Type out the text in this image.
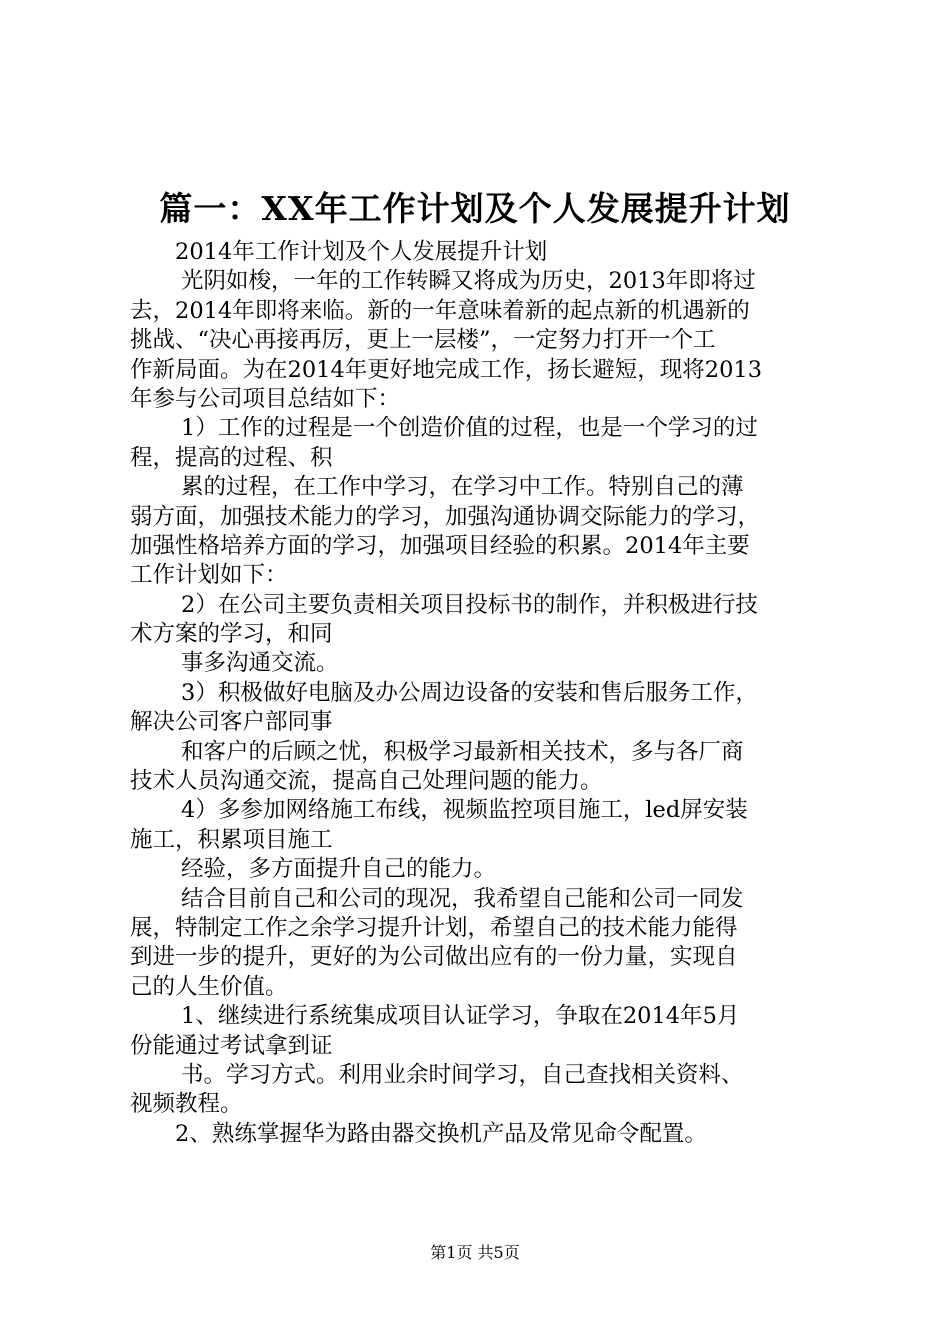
篇一：XX年工作计划及个人发展提升计划
2014年工作计划及个人发展提升计划
光阴如梭，一年的工作转瞬又将成为历史，2013年即将过
去，2014年即将来临。新的一年意味着新的起点新的机遇新的
挑战、“决心再接再厉，更上一层楼”，一定努力打开一个工
作新局面。为在2014年更好地完成工作，扬长避短，现将2013
年参与公司项目总结如下：
1）工作的过程是一个创造价值的过程，也是一个学习的过
程，提高的过程、积
累的过程，在工作中学习，在学习中工作。特别自己的薄
弱方面，加强技术能力的学习，加强沟通协调交际能力的学习，
加强性格培养方面的学习，加强项目经验的积累。2014年主要
工作计划如下：
2）在公司主要负责相关项目投标书的制作，并积极进行技
术方案的学习，和同
事多沟通交流。
3）积极做好电脑及办公周边设备的安装和售后服务工作，
解决公司客户部同事
和客户的后顾之忧，积极学习最新相关技术，多与各厂商
技术人员沟通交流，提高自己处理问题的能力。
4）多参加网络施工布线，视频监控项目施工，led屏安装
施工，积累项目施工
经验，多方面提升自己的能力。
结合目前自己和公司的现况，我希望自己能和公司一同发
展，特制定工作之余学习提升计划，希望自己的技术能力能得
到进一步的提升，更好的为公司做出应有的一份力量，实现自
己的人生价值。
1、继续进行系统集成项目认证学习，争取在2014年5月
份能通过考试拿到证
书。学习方式。利用业余时间学习，自己查找相关资料、
视频教程。
2、熟练掌握华为路由器交换机产品及常见命令配置。
第1页 共5页
